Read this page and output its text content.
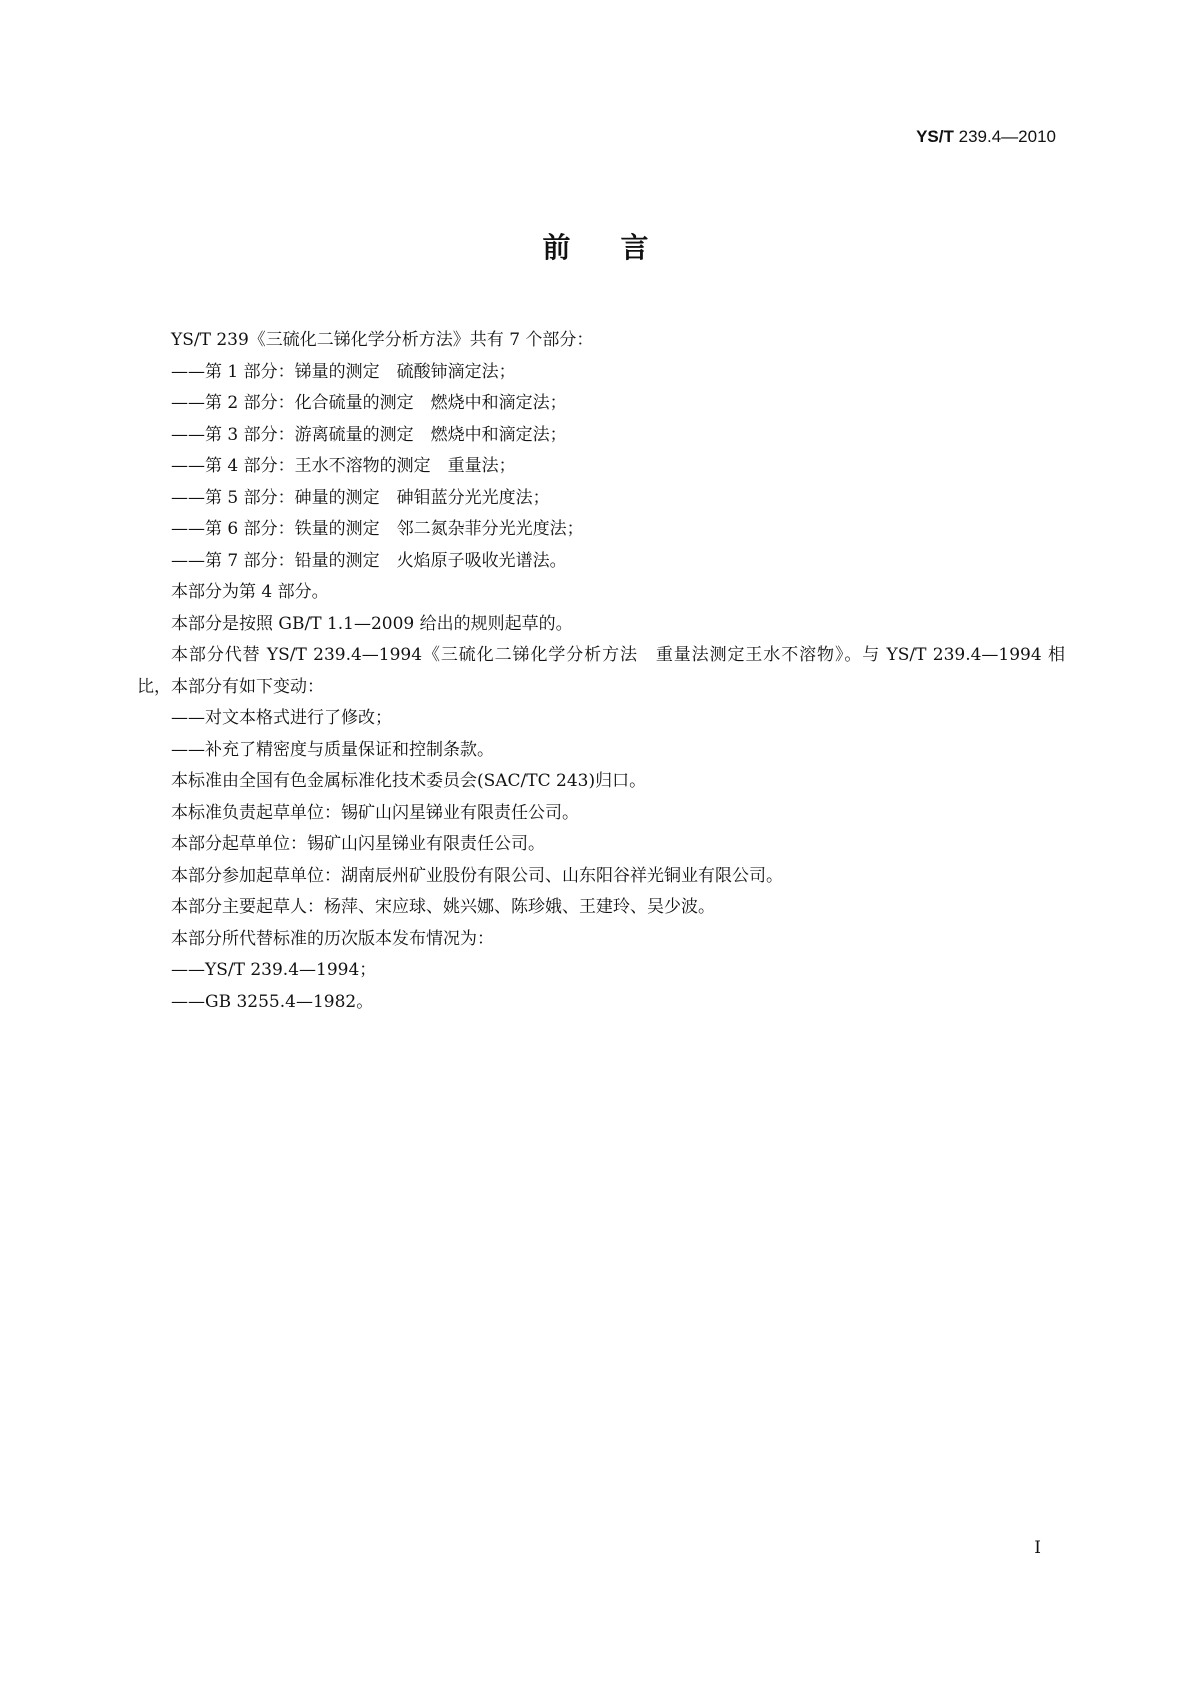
YS/T 239.4—2010
前言

YS/T 239《三硫化二锑化学分析方法》共有 7 个部分：

——第 1 部分：锑量的测定　硫酸铈滴定法；

——第 2 部分：化合硫量的测定　燃烧中和滴定法；

——第 3 部分：游离硫量的测定　燃烧中和滴定法；

——第 4 部分：王水不溶物的测定　重量法；

——第 5 部分：砷量的测定　砷钼蓝分光光度法；

——第 6 部分：铁量的测定　邻二氮杂菲分光光度法；

——第 7 部分：铅量的测定　火焰原子吸收光谱法。

本部分为第 4 部分。

本部分是按照 GB/T 1.1—2009 给出的规则起草的。

本部分代替 YS/T 239.4—1994《三硫化二锑化学分析方法　重量法测定王水不溶物》。与 YS/T 239.4—1994 相比，本部分有如下变动：

——对文本格式进行了修改；

——补充了精密度与质量保证和控制条款。

本标准由全国有色金属标准化技术委员会(SAC/TC 243)归口。

本标准负责起草单位：锡矿山闪星锑业有限责任公司。

本部分起草单位：锡矿山闪星锑业有限责任公司。

本部分参加起草单位：湖南辰州矿业股份有限公司、山东阳谷祥光铜业有限公司。

本部分主要起草人：杨萍、宋应球、姚兴娜、陈珍娥、王建玲、吴少波。

本部分所代替标准的历次版本发布情况为：

——YS/T 239.4—1994；

——GB 3255.4—1982。

I
